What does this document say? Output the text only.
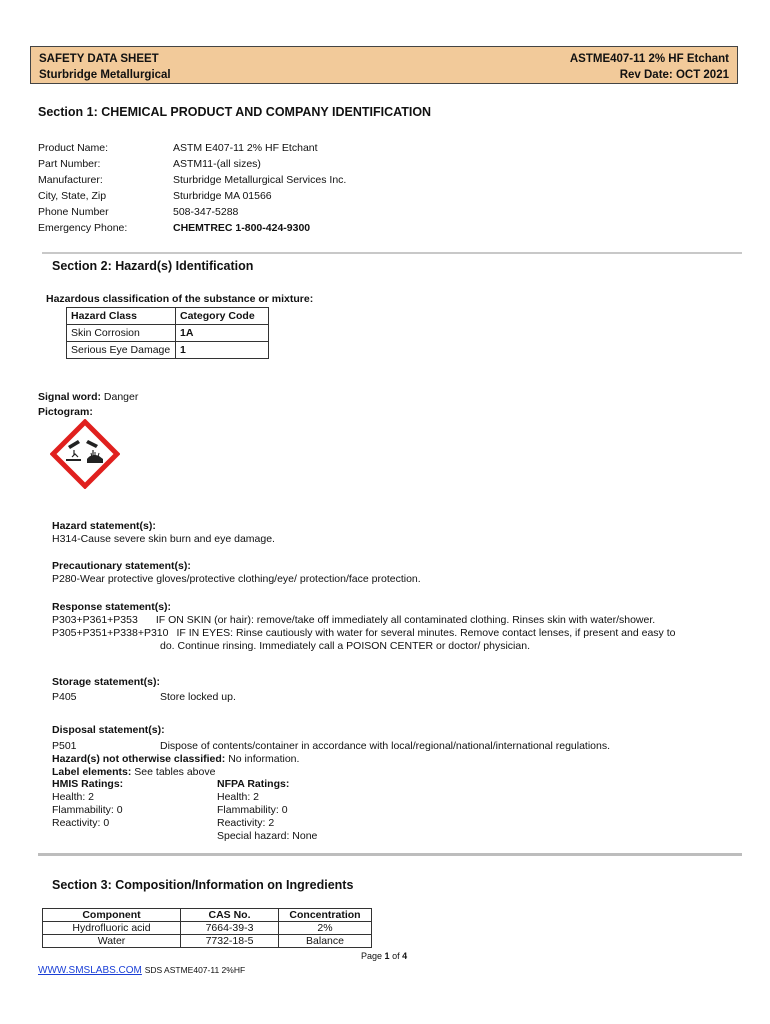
SAFETY DATA SHEET
Sturbridge Metallurgical
ASTME407-11 2% HF Etchant
Rev Date: OCT 2021
Section 1: CHEMICAL PRODUCT AND COMPANY IDENTIFICATION
Product Name:	ASTM E407-11 2% HF Etchant
Part Number:	ASTM11-(all sizes)
Manufacturer:	Sturbridge Metallurgical Services Inc.
City, State, Zip	Sturbridge MA 01566
Phone Number	508-347-5288
Emergency Phone:	CHEMTREC 1-800-424-9300
Section 2: Hazard(s) Identification
Hazardous classification of the substance or mixture:
Hazard Class	Category Code
Skin Corrosion	1A
Serious Eye Damage	1
Signal word: Danger
Pictogram:
Hazard statement(s):
H314-Cause severe skin burn and eye damage.
Precautionary statement(s):
P280-Wear protective gloves/protective clothing/eye/ protection/face protection.
Response statement(s):
P303+P361+P353 IF ON SKIN (or hair): remove/take off immediately all contaminated clothing. Rinses skin with water/shower.
P305+P351+P338+P310 IF IN EYES: Rinse cautiously with water for several minutes. Remove contact lenses, if present and easy to
do. Continue rinsing. Immediately call a POISON CENTER or doctor/ physician.
Storage statement(s):
P405	Store locked up.
Disposal statement(s):
P501	Dispose of contents/container in accordance with local/regional/national/international regulations.
Hazard(s) not otherwise classified: No information.
Label elements: See tables above
HMIS Ratings:
Health: 2
Flammability: 0
Reactivity: 0
NFPA Ratings:
Health: 2
Flammability: 0
Reactivity: 2
Special hazard: None
Section 3: Composition/Information on Ingredients
Component	CAS No.	Concentration
Hydrofluoric acid	7664-39-3	2%
Water	7732-18-5	Balance
Page 1 of 4
WWW.SMSLABS.COM SDS ASTME407-11 2%HF
